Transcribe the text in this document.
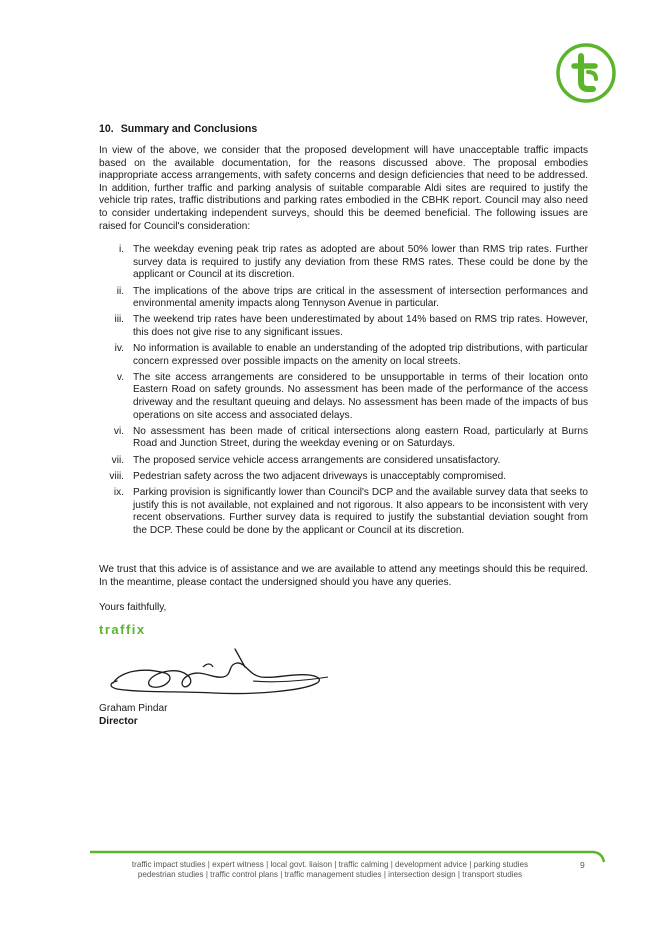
10. Summary and Conclusions

In view of the above, we consider that the proposed development will have unacceptable traffic impacts based on the available documentation, for the reasons discussed above. The proposal embodies inappropriate access arrangements, with safety concerns and design deficiencies that need to be addressed. In addition, further traffic and parking analysis of suitable comparable Aldi sites are required to justify the vehicle trip rates, traffic distributions and parking rates embodied in the CBHK report. Council may also need to consider undertaking independent surveys, should this be deemed beneficial. The following issues are raised for Council's consideration:

i. The weekday evening peak trip rates as adopted are about 50% lower than RMS trip rates. Further survey data is required to justify any deviation from these RMS rates. These could be done by the applicant or Council at its discretion.
ii. The implications of the above trips are critical in the assessment of intersection performances and environmental amenity impacts along Tennyson Avenue in particular.
iii. The weekend trip rates have been underestimated by about 14% based on RMS trip rates. However, this does not give rise to any significant issues.
iv. No information is available to enable an understanding of the adopted trip distributions, with particular concern expressed over possible impacts on the amenity on local streets.
v. The site access arrangements are considered to be unsupportable in terms of their location onto Eastern Road on safety grounds. No assessment has been made of the performance of the access driveway and the resultant queuing and delays. No assessment has been made of the impacts of bus operations on site access and associated delays.
vi. No assessment has been made of critical intersections along eastern Road, particularly at Burns Road and Junction Street, during the weekday evening or on Saturdays.
vii. The proposed service vehicle access arrangements are considered unsatisfactory.
viii. Pedestrian safety across the two adjacent driveways is unacceptably compromised.
ix. Parking provision is significantly lower than Council's DCP and the available survey data that seeks to justify this is not available, not explained and not rigorous. It also appears to be inconsistent with very recent observations. Further survey data is required to justify the substantial deviation sought from the DCP. These could be done by the applicant or Council at its discretion.

We trust that this advice is of assistance and we are available to attend any meetings should this be required. In the meantime, please contact the undersigned should you have any queries.

Yours faithfully,

traffix
Graham Pindar
Director
traffic impact studies | expert witness | local govt. liaison | traffic calming | development advice | parking studies
pedestrian studies | traffic control plans | traffic management studies | intersection design | transport studies
9
